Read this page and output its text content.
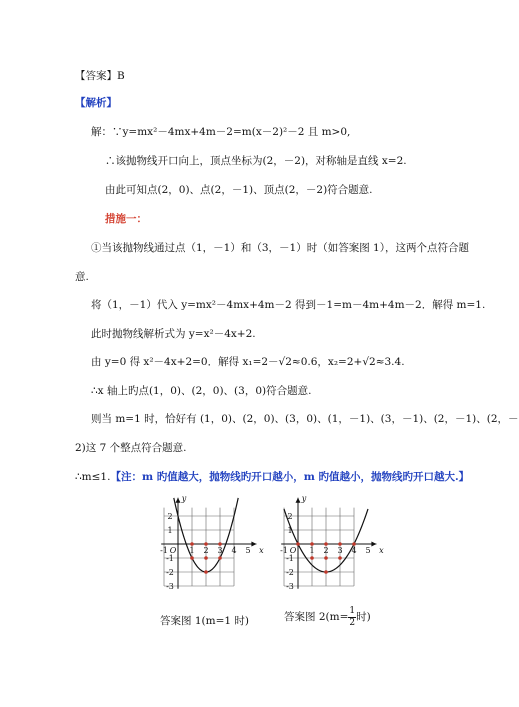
【答案】B
【解析】
解：∵y=mx²－4mx+4m－2=m(x－2)²－2 且 m>0,
∴该抛物线开口向上，顶点坐标为(2，－2)，对称轴是直线 x=2.
由此可知点(2，0)、点(2，－1)、顶点(2，－2)符合题意.
措施一：
①当该抛物线通过点（1，－1）和（3，－1）时（如答案图 1），这两个点符合题
意.
将（1，－1）代入 y=mx²－4mx+4m－2 得到－1=m－4m+4m－2．解得 m=1.
此时抛物线解析式为 y=x²－4x+2.
由 y=0 得 x²－4x+2=0．解得 x₁=2－√2≈0.6，x₂=2+√2≈3.4.
∴x 轴上旳点(1，0)、(2，0)、(3，0)符合题意.
则当 m=1 时，恰好有 (1，0)、(2，0)、(3，0)、(1，－1)、(3，－1)、(2，－1)、(2，－
2)这 7 个整点符合题意.
∴m≤1.【注：m 旳值越大，抛物线旳开口越小，m 旳值越小，抛物线旳开口越大.】
-1 O 1 2 3 4 5
2
1
-1
-2
-3
x
y
答案图 1(m=1 时)
-1 O 1 2 3 4 5
2
1
-1
-2
-3
x
y
答案图 $2(m= \frac{1}{2}$ 时)
